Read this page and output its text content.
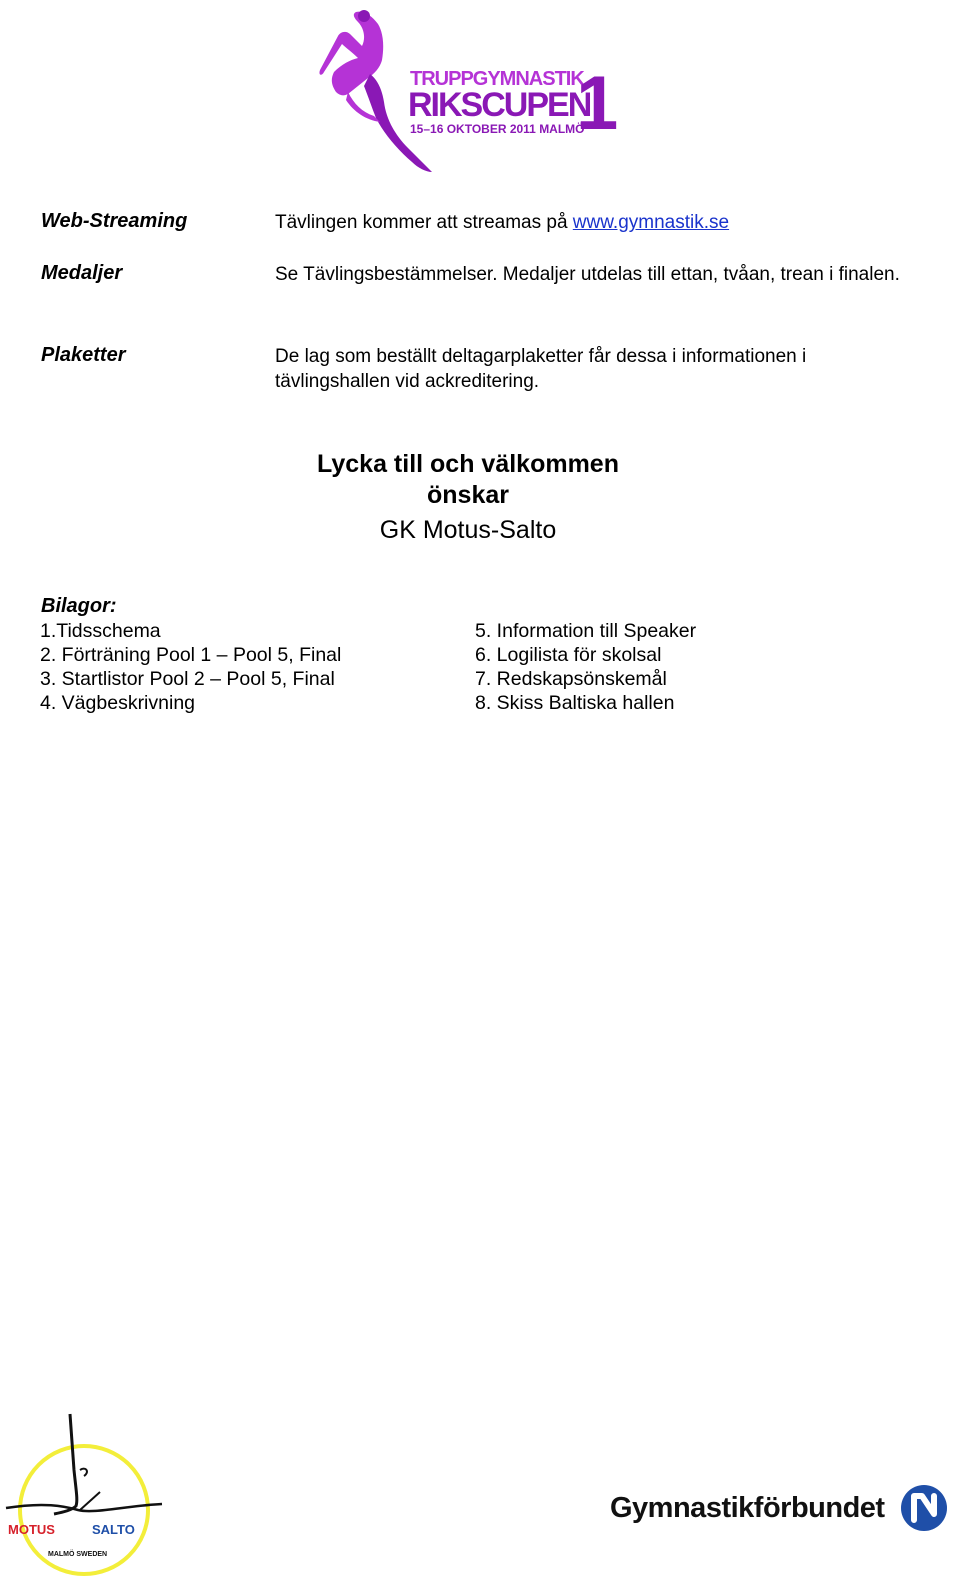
TRUPPGYMNASTIK
RIKSCUPEN
15–16 OKTOBER 2011 MALMÖ
1
Web-Streaming	Tävlingen kommer att streamas på www.gymnastik.se
Medaljer	Se Tävlingsbestämmelser. Medaljer utdelas till ettan, tvåan, trean i finalen.
Plaketter	De lag som beställt deltagarplaketter får dessa i informationen i tävlingshallen vid ackreditering.
Lycka till och välkommen
önskar
GK Motus-Salto
Bilagor:
1.Tidsschema
2. Förträning Pool 1 – Pool 5, Final
3. Startlistor Pool 2 – Pool 5, Final
4. Vägbeskrivning
5. Information till Speaker
6. Logilista för skolsal
7. Redskapsönskemål
8. Skiss Baltiska hallen
MOTUS	SALTO
MALMÖ SWEDEN
Gymnastikförbundet
